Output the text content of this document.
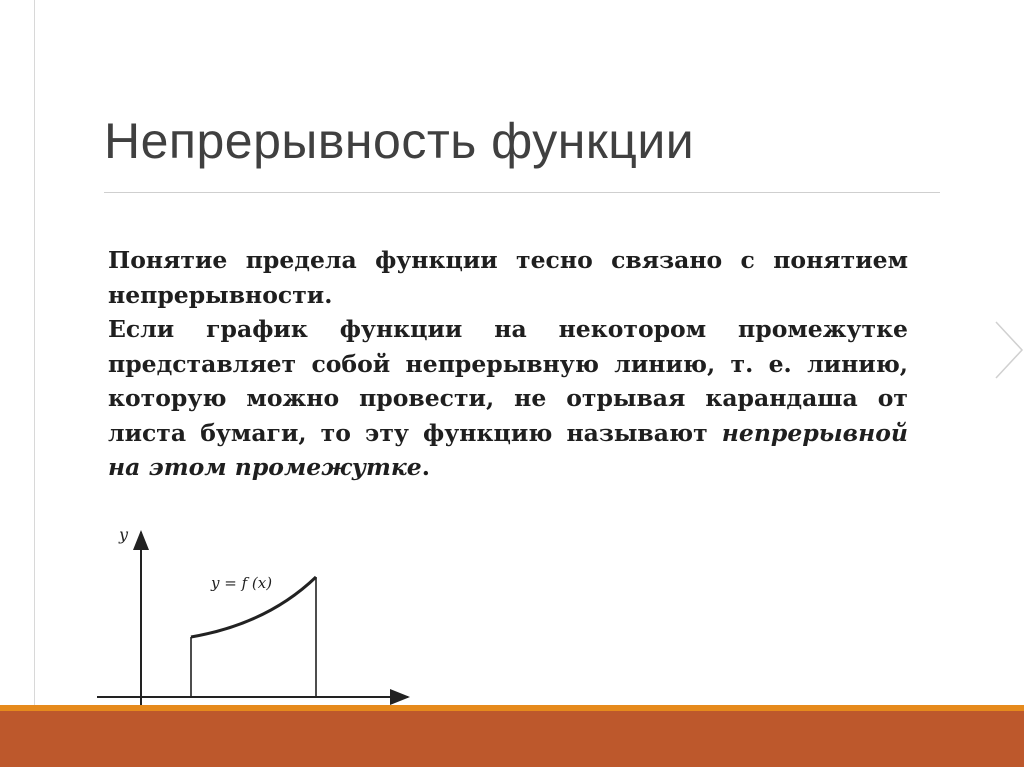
Непрерывность функции

Понятие предела функции тесно связано с понятием непрерывности.

Если график функции на некотором промежутке представляет собой непрерывную линию, т. е. линию, которую можно провести, не отрывая карандаша от листа бумаги, то эту функцию называют непрерывной на этом промежутке.

y
y = f (x)
